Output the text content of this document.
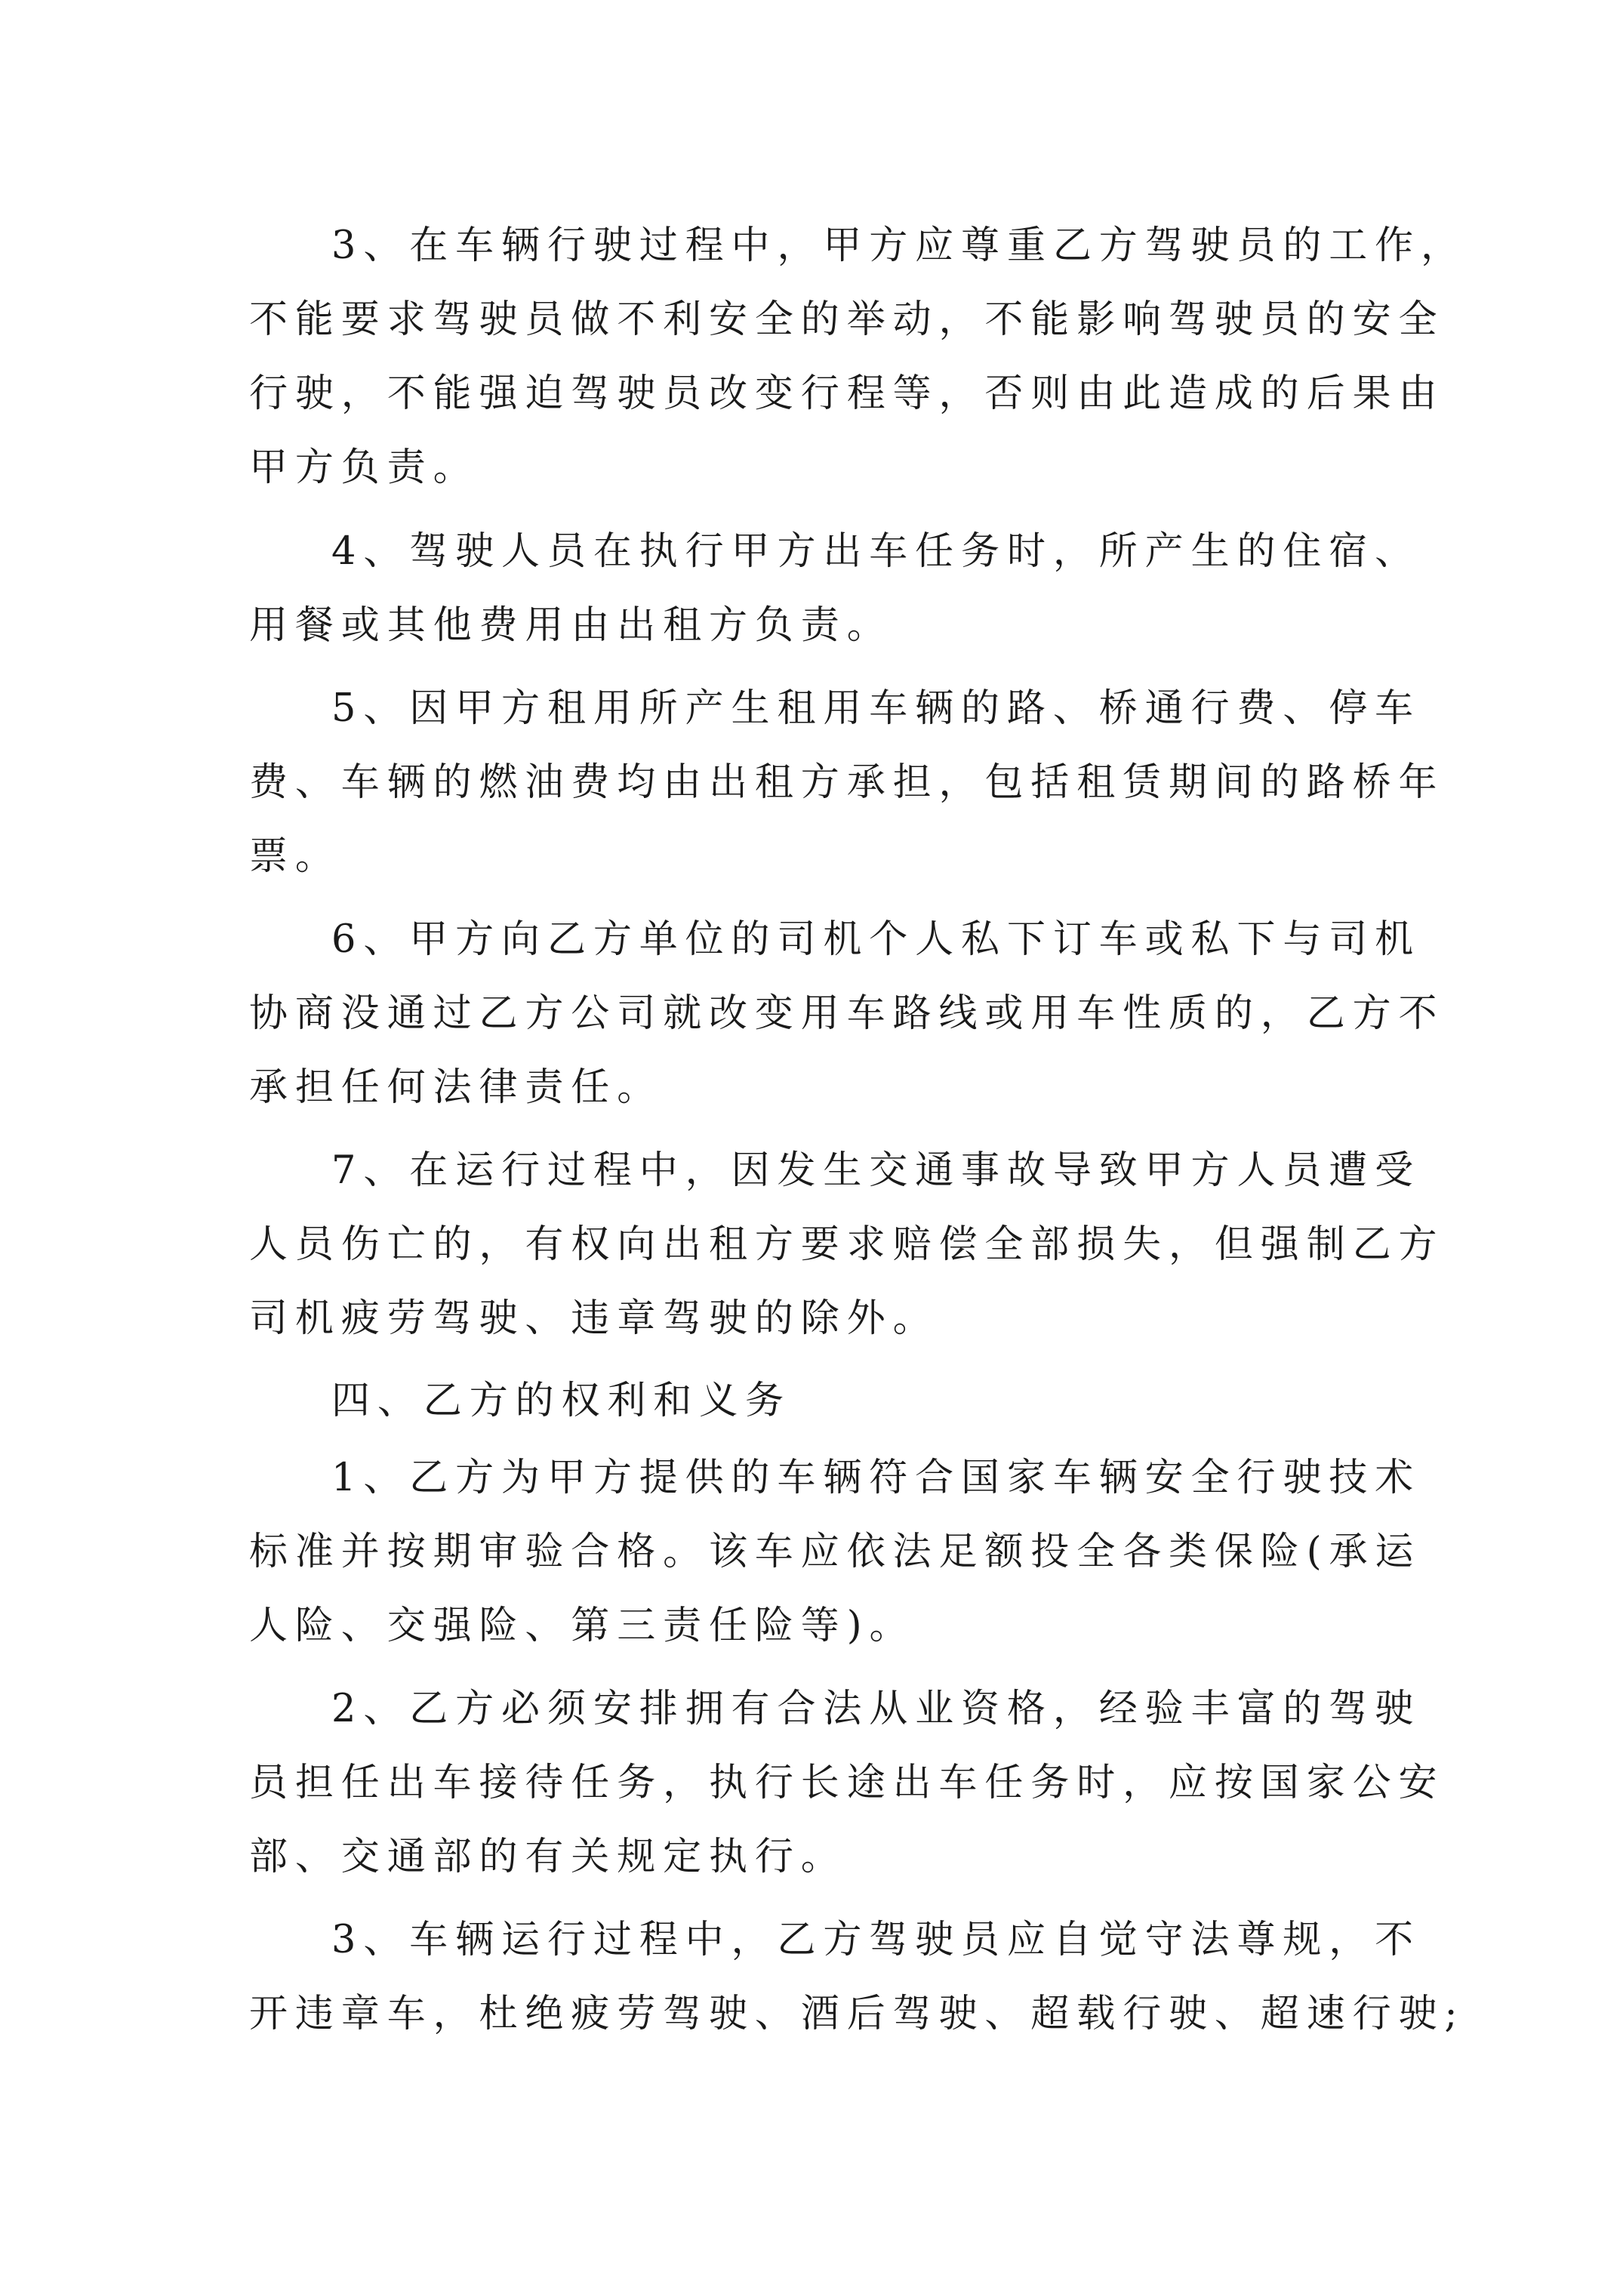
3、在车辆行驶过程中，甲方应尊重乙方驾驶员的工作，
不能要求驾驶员做不利安全的举动，不能影响驾驶员的安全
行驶，不能强迫驾驶员改变行程等，否则由此造成的后果由
甲方负责。
4、驾驶人员在执行甲方出车任务时，所产生的住宿、
用餐或其他费用由出租方负责。
5、因甲方租用所产生租用车辆的路、桥通行费、停车
费、车辆的燃油费均由出租方承担，包括租赁期间的路桥年
票。
6、甲方向乙方单位的司机个人私下订车或私下与司机
协商没通过乙方公司就改变用车路线或用车性质的，乙方不
承担任何法律责任。
7、在运行过程中，因发生交通事故导致甲方人员遭受
人员伤亡的，有权向出租方要求赔偿全部损失，但强制乙方
司机疲劳驾驶、违章驾驶的除外。
四、乙方的权利和义务
1、乙方为甲方提供的车辆符合国家车辆安全行驶技术
标准并按期审验合格。该车应依法足额投全各类保险(承运
人险、交强险、第三责任险等)。
2、乙方必须安排拥有合法从业资格，经验丰富的驾驶
员担任出车接待任务，执行长途出车任务时，应按国家公安
部、交通部的有关规定执行。
3、车辆运行过程中，乙方驾驶员应自觉守法尊规，不
开违章车，杜绝疲劳驾驶、酒后驾驶、超载行驶、超速行驶;
